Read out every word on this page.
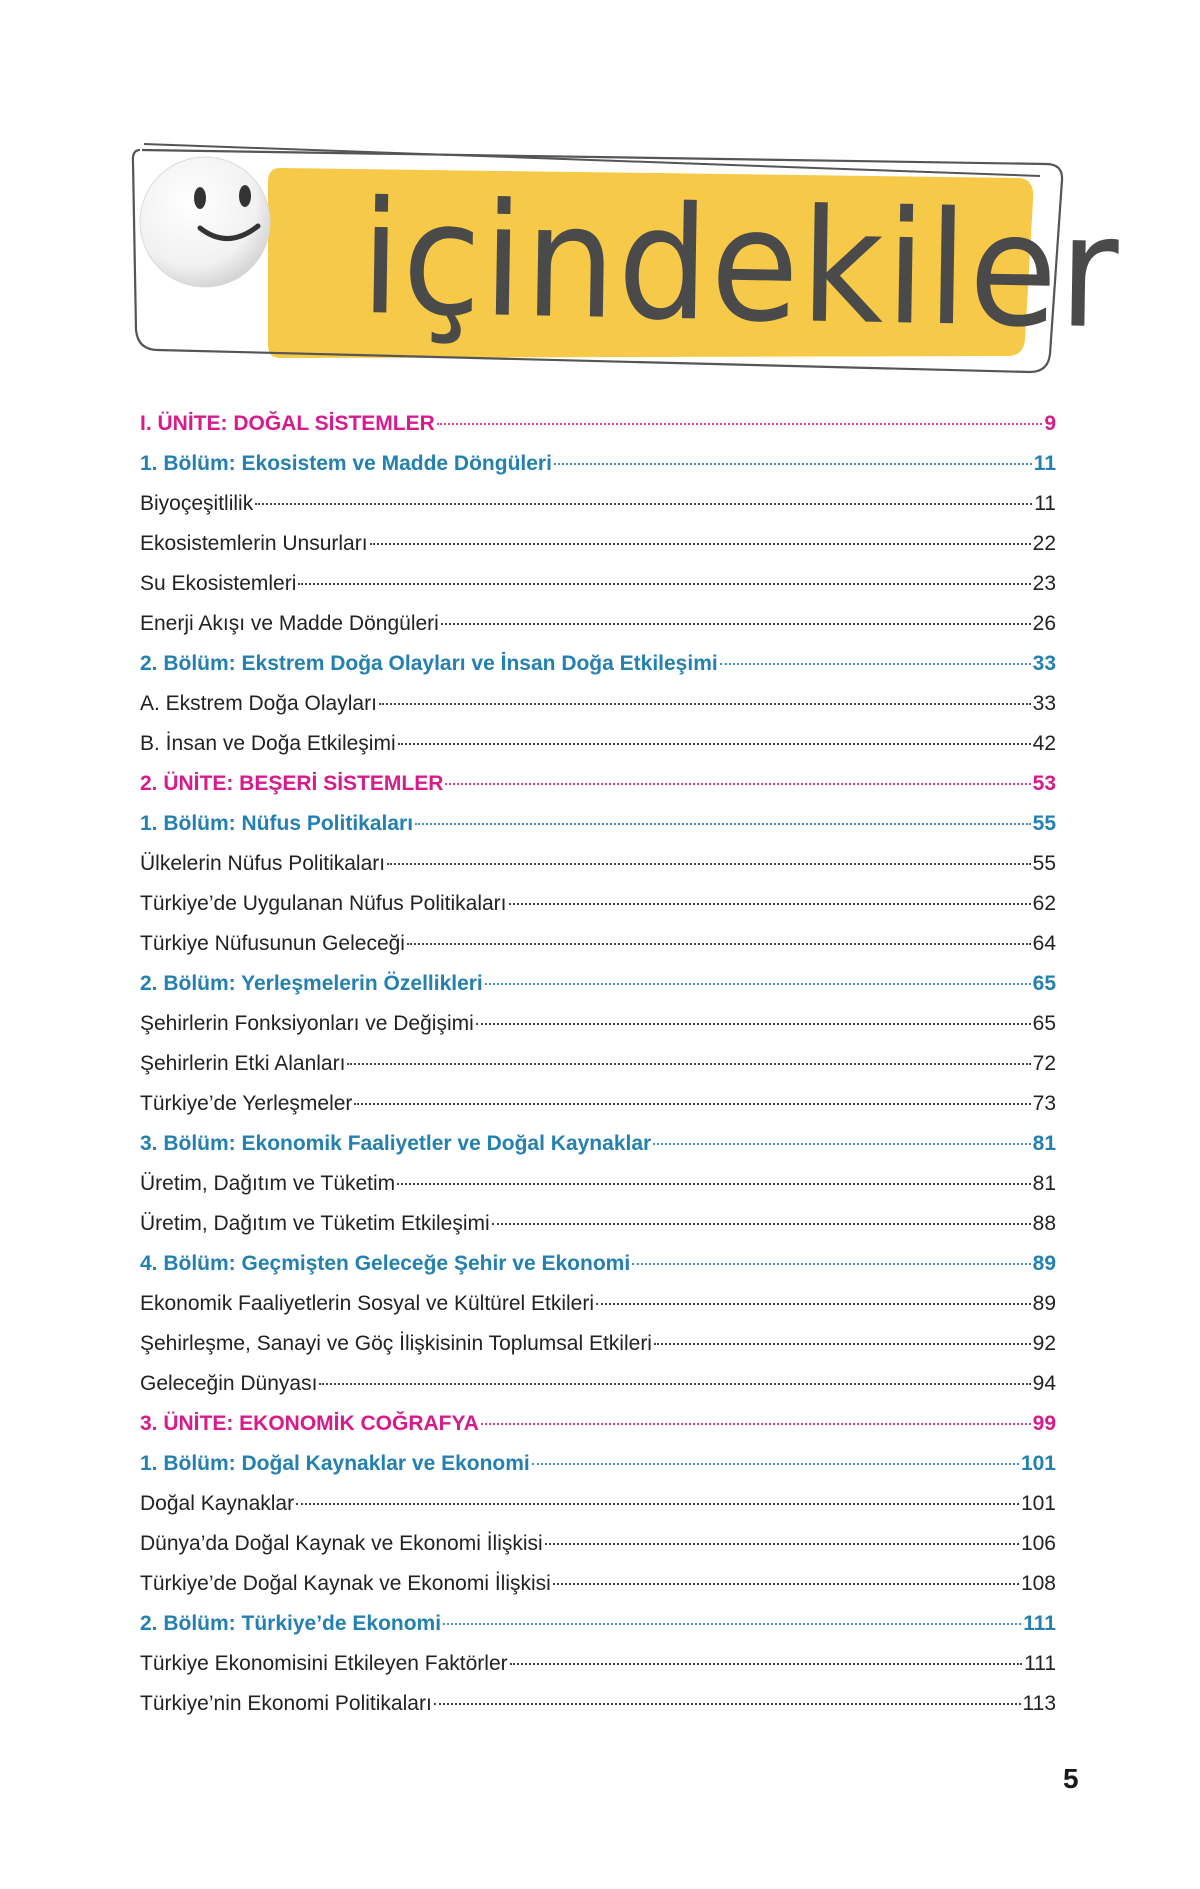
içindekiler
I. ÜNİTE: DOĞAL SİSTEMLER	9
1. Bölüm: Ekosistem ve Madde Döngüleri	11
Biyoçeşitlilik	11
Ekosistemlerin Unsurları	22
Su Ekosistemleri	23
Enerji Akışı ve Madde Döngüleri	26
2. Bölüm: Ekstrem Doğa Olayları ve İnsan Doğa Etkileşimi	33
A. Ekstrem Doğa Olayları	33
B. İnsan ve Doğa Etkileşimi	42
2. ÜNİTE: BEŞERİ SİSTEMLER	53
1. Bölüm: Nüfus Politikaları	55
Ülkelerin Nüfus Politikaları	55
Türkiye’de Uygulanan Nüfus Politikaları	62
Türkiye Nüfusunun Geleceği	64
2. Bölüm: Yerleşmelerin Özellikleri	65
Şehirlerin Fonksiyonları ve Değişimi	65
Şehirlerin Etki Alanları	72
Türkiye’de Yerleşmeler	73
3. Bölüm: Ekonomik Faaliyetler ve Doğal Kaynaklar	81
Üretim, Dağıtım ve Tüketim	81
Üretim, Dağıtım ve Tüketim Etkileşimi	88
4. Bölüm: Geçmişten Geleceğe Şehir ve Ekonomi	89
Ekonomik Faaliyetlerin Sosyal ve Kültürel Etkileri	89
Şehirleşme, Sanayi ve Göç İlişkisinin Toplumsal Etkileri	92
Geleceğin Dünyası	94
3. ÜNİTE: EKONOMİK COĞRAFYA	99
1. Bölüm: Doğal Kaynaklar ve Ekonomi	101
Doğal Kaynaklar	101
Dünya’da Doğal Kaynak ve Ekonomi İlişkisi	106
Türkiye’de Doğal Kaynak ve Ekonomi İlişkisi	108
2. Bölüm: Türkiye’de Ekonomi	111
Türkiye Ekonomisini Etkileyen Faktörler	111
Türkiye’nin Ekonomi Politikaları	113
5
